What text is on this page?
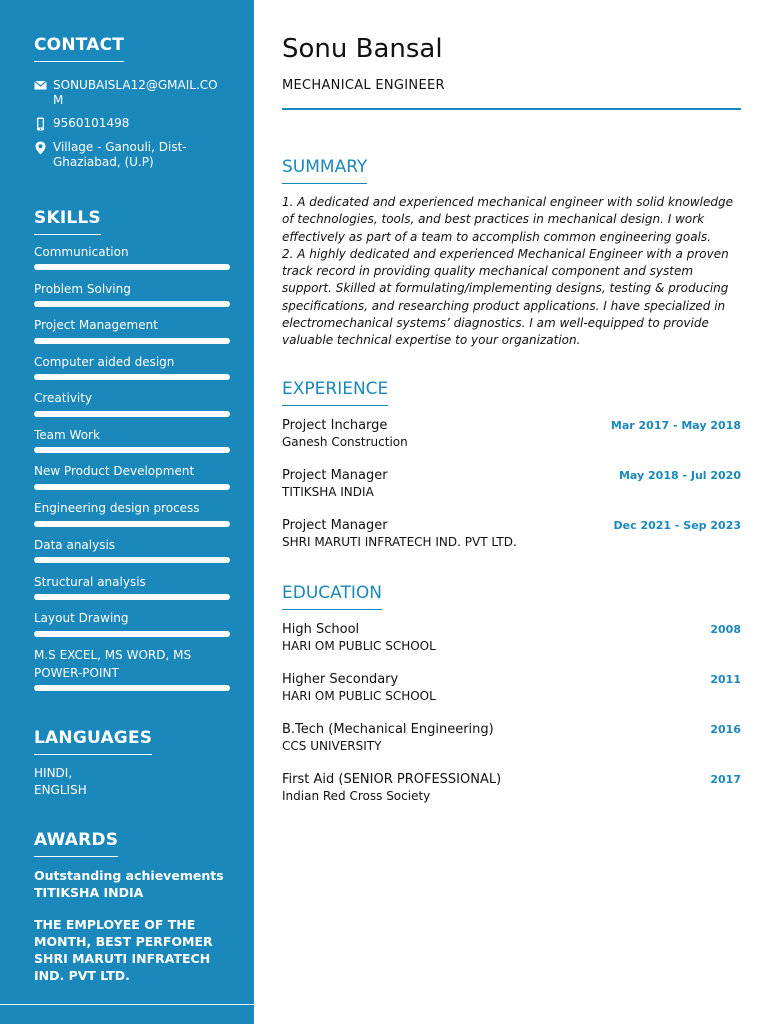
CONTACT
SONUBAISLA12@GMAIL.COM
9560101498
Village - Ganouli, Dist- Ghaziabad, (U.P)
SKILLS
Communication
Problem Solving
Project Management
Computer aided design
Creativity
Team Work
New Product Development
Engineering design process
Data analysis
Structural analysis
Layout Drawing
M.S EXCEL, MS WORD, MS POWER-POINT
LANGUAGES
HINDI,
ENGLISH
AWARDS
Outstanding achievements
TITIKSHA INDIA
THE EMPLOYEE OF THE MONTH, BEST PERFOMER
SHRI MARUTI INFRATECH IND. PVT LTD.
Sonu Bansal
MECHANICAL ENGINEER
SUMMARY

1. A dedicated and experienced mechanical engineer with solid knowledge of technologies, tools, and best practices in mechanical design. I work effectively as part of a team to accomplish common engineering goals.
2. A highly dedicated and experienced Mechanical Engineer with a proven track record in providing quality mechanical component and system support. Skilled at formulating/implementing designs, testing & producing specifications, and researching product applications. I have specialized in electromechanical systems’ diagnostics. I am well-equipped to provide valuable technical expertise to your organization.

EXPERIENCE
Project Incharge
Ganesh Construction
Mar 2017 - May 2018
Project Manager
TITIKSHA INDIA
May 2018 - Jul 2020
Project Manager
SHRI MARUTI INFRATECH IND. PVT LTD.
Dec 2021 - Sep 2023
EDUCATION
High School
HARI OM PUBLIC SCHOOL
2008
Higher Secondary
HARI OM PUBLIC SCHOOL
2011
B.Tech (Mechanical Engineering)
CCS UNIVERSITY
2016
First Aid (SENIOR PROFESSIONAL)
Indian Red Cross Society
2017
